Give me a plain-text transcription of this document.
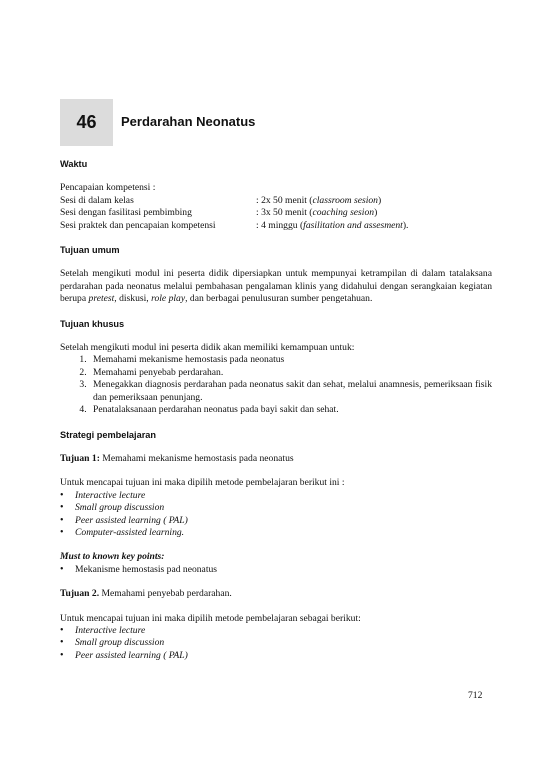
46 Perdarahan Neonatus

Waktu

Pencapaian kompetensi :

Sesi di dalam kelas	: 2x 50 menit (classroom sesion)
Sesi dengan fasilitasi pembimbing	: 3x 50 menit (coaching sesion)
Sesi praktek dan pencapaian kompetensi	: 4 minggu (fasilitation and assesment).

Tujuan umum

Setelah mengikuti modul ini peserta didik dipersiapkan untuk mempunyai ketrampilan di dalam tatalaksana perdarahan pada neonatus melalui pembahasan pengalaman klinis yang didahului dengan serangkaian kegiatan berupa pretest, diskusi, role play, dan berbagai penulusuran sumber pengetahuan.

Tujuan khusus

Setelah mengikuti modul ini peserta didik akan memiliki kemampuan untuk:

1. Memahami mekanisme hemostasis pada neonatus
2. Memahami penyebab perdarahan.
3. Menegakkan diagnosis perdarahan pada neonatus sakit dan sehat, melalui anamnesis, pemeriksaan fisik dan pemeriksaan penunjang.
4. Penatalaksanaan perdarahan neonatus pada bayi sakit dan sehat.

Strategi pembelajaran

Tujuan 1: Memahami mekanisme hemostasis pada neonatus

Untuk mencapai tujuan ini maka dipilih metode pembelajaran berikut ini :

• Interactive lecture
• Small group discussion
• Peer assisted learning ( PAL)
• Computer-assisted learning.

Must to known key points:

• Mekanisme hemostasis pad neonatus

Tujuan 2. Memahami penyebab perdarahan.

Untuk mencapai tujuan ini maka dipilih metode pembelajaran sebagai berikut:

• Interactive lecture
• Small group discussion
• Peer assisted learning ( PAL)
712
